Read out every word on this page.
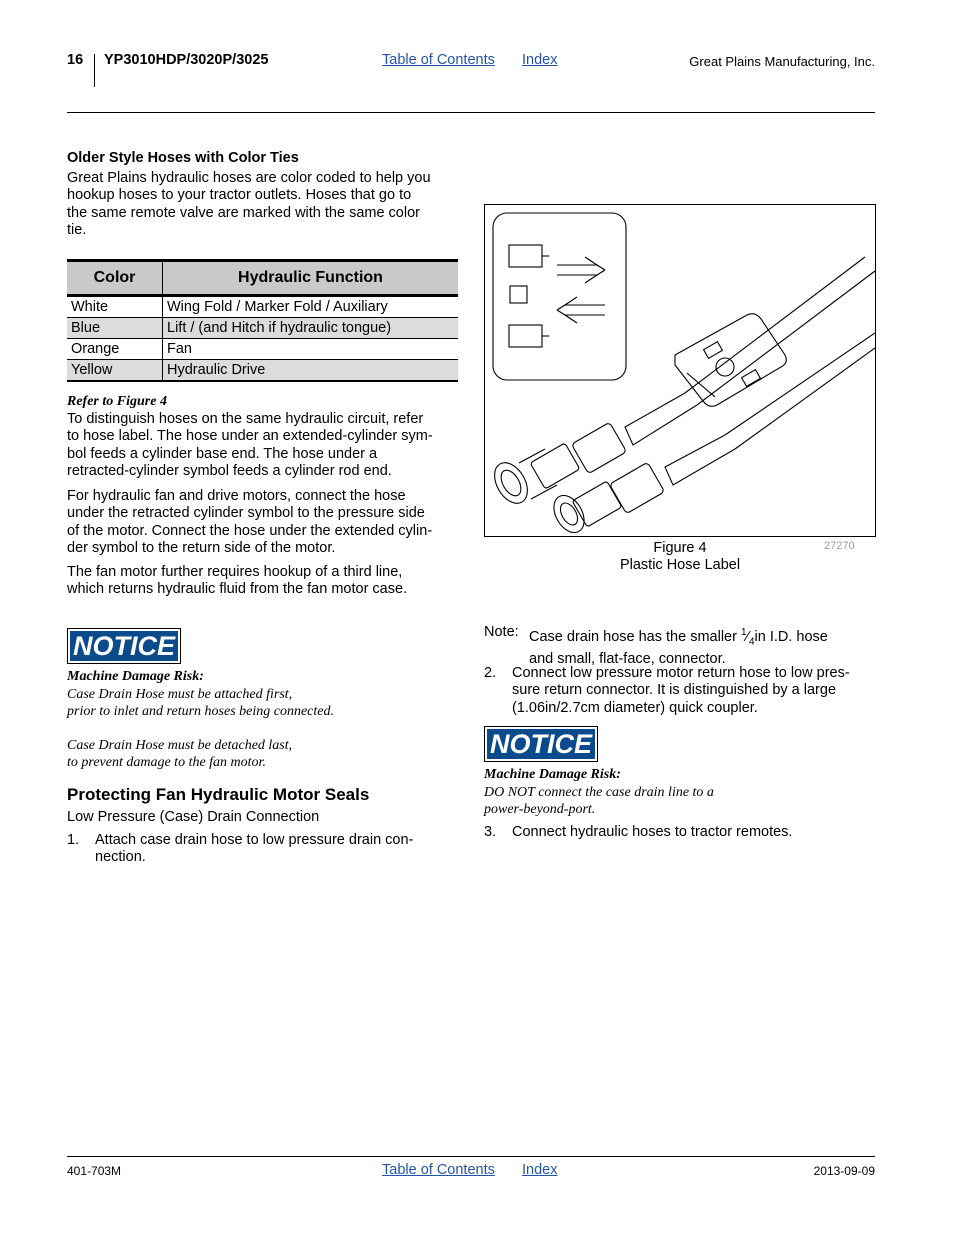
16 YP3010HDP/3020P/3025	Table of Contents Index	Great Plains Manufacturing, Inc.
Older Style Hoses with Color Ties

Great Plains hydraulic hoses are color coded to help you

hookup hoses to your tractor outlets. Hoses that go to

the same remote valve are marked with the same color

tie.

Color	Hydraulic Function
White	Wing Fold / Marker Fold / Auxiliary
Blue	Lift / (and Hitch if hydraulic tongue)
Orange	Fan
Yellow	Hydraulic Drive
Refer to Figure 4

To distinguish hoses on the same hydraulic circuit, refer

to hose label. The hose under an extended-cylinder sym-

bol feeds a cylinder base end. The hose under a

retracted-cylinder symbol feeds a cylinder rod end.

For hydraulic fan and drive motors, connect the hose

under the retracted cylinder symbol to the pressure side

of the motor. Connect the hose under the extended cylin-

der symbol to the return side of the motor.

The fan motor further requires hookup of a third line,

which returns hydraulic fluid from the fan motor case.

NOTICE

Machine Damage Risk:

Case Drain Hose must be attached first,

prior to inlet and return hoses being connected.

Case Drain Hose must be detached last,

to prevent damage to the fan motor.

Protecting Fan Hydraulic Motor Seals
Low Pressure (Case) Drain Connection
1. Attach case drain hose to low pressure drain con-

nection.

Figure 4

Plastic Hose Label

27270
Note: Case drain hose has the smaller $^1⁄_4in$ I.D. hose

and small, flat-face, connector.

2. Connect low pressure motor return hose to low pres-

sure return connector. It is distinguished by a large

(1.06in/2.7cm diameter) quick coupler.

NOTICE

Machine Damage Risk:

DO NOT connect the case drain line to a

power-beyond-port.

3. Connect hydraulic hoses to tractor remotes.
401-703M	Table of Contents Index	2013-09-09
